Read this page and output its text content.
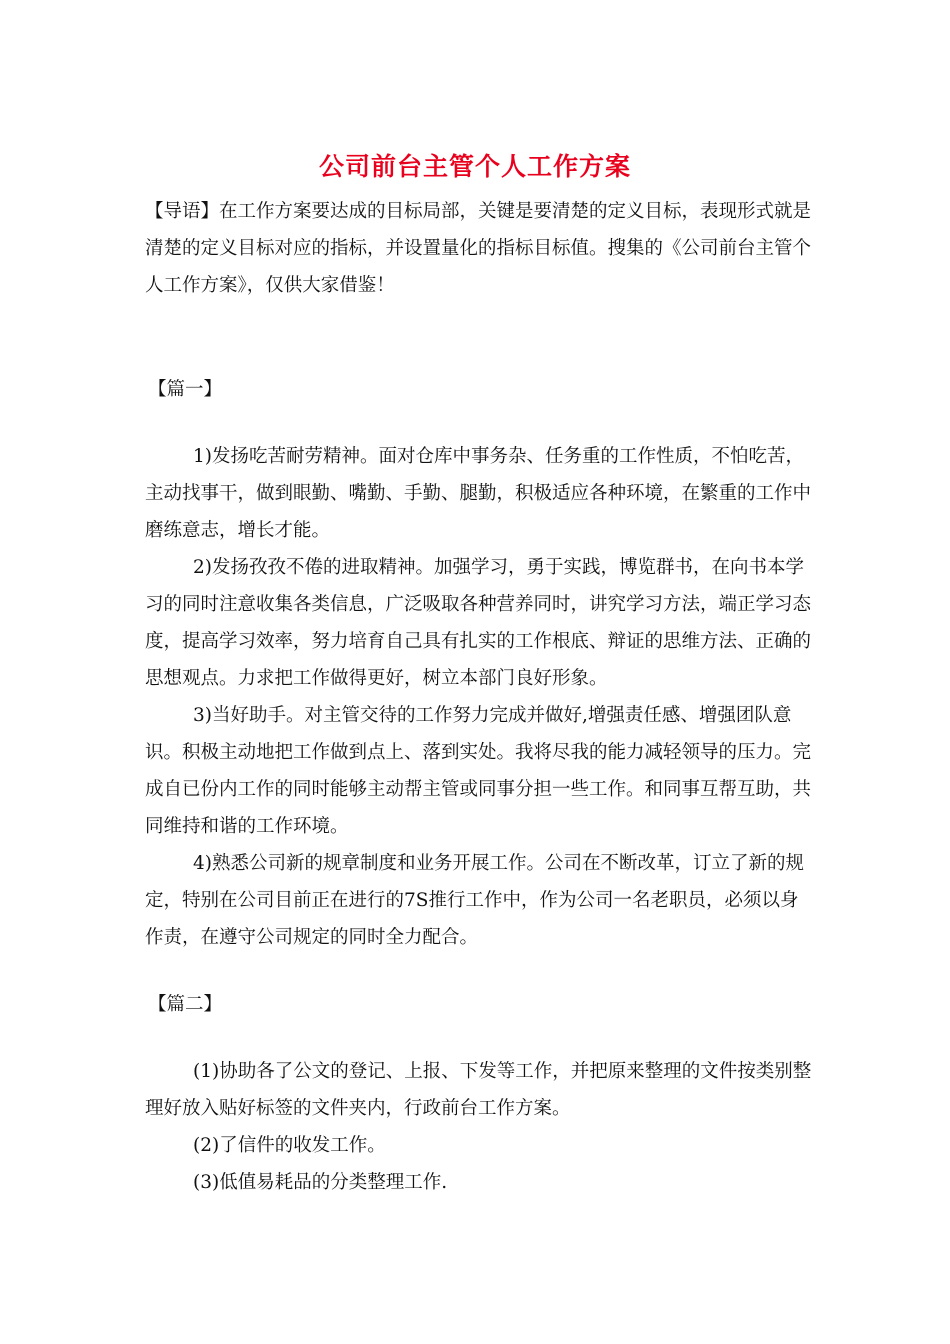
公司前台主管个人工作方案

【导语】在工作方案要达成的目标局部，关键是要清楚的定义目标，表现形式就是清楚的定义目标对应的指标，并设置量化的指标目标值。搜集的《公司前台主管个人工作方案》，仅供大家借鉴！

【篇一】

1)发扬吃苦耐劳精神。面对仓库中事务杂、任务重的工作性质，不怕吃苦，主动找事干，做到眼勤、嘴勤、手勤、腿勤，积极适应各种环境，在繁重的工作中磨练意志，增长才能。

2)发扬孜孜不倦的进取精神。加强学习，勇于实践，博览群书，在向书本学习的同时注意收集各类信息，广泛吸取各种营养同时，讲究学习方法，端正学习态度，提高学习效率，努力培育自己具有扎实的工作根底、辩证的思维方法、正确的思想观点。力求把工作做得更好，树立本部门良好形象。

3)当好助手。对主管交待的工作努力完成并做好,增强责任感、增强团队意识。积极主动地把工作做到点上、落到实处。我将尽我的能力减轻领导的压力。完成自已份内工作的同时能够主动帮主管或同事分担一些工作。和同事互帮互助，共同维持和谐的工作环境。

4)熟悉公司新的规章制度和业务开展工作。公司在不断改革，订立了新的规定，特别在公司目前正在进行的7S推行工作中，作为公司一名老职员，必须以身作责，在遵守公司规定的同时全力配合。

【篇二】

(1)协助各了公文的登记、上报、下发等工作，并把原来整理的文件按类别整理好放入贴好标签的文件夹内，行政前台工作方案。

(2)了信件的收发工作。

(3)低值易耗品的分类整理工作.
